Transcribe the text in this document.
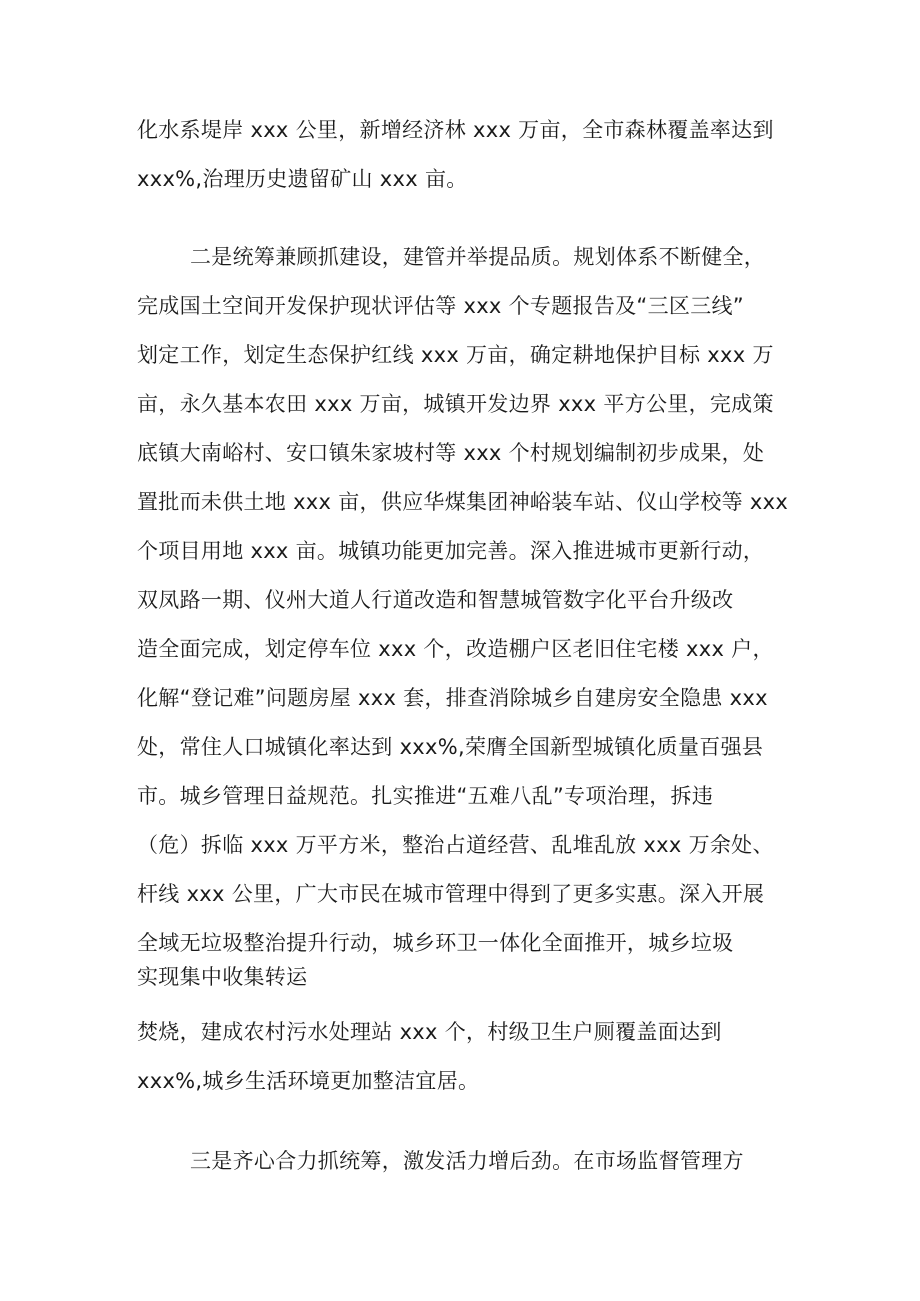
化水系堤岸 xxx 公里，新增经济林 xxx 万亩，全市森林覆盖率达到
xxx%,治理历史遗留矿山 xxx 亩。
二是统筹兼顾抓建设，建管并举提品质。规划体系不断健全，
完成国土空间开发保护现状评估等 xxx 个专题报告及“三区三线”
划定工作，划定生态保护红线 xxx 万亩，确定耕地保护目标 xxx 万
亩，永久基本农田 xxx 万亩，城镇开发边界 xxx 平方公里，完成策
底镇大南峪村、安口镇朱家坡村等 xxx 个村规划编制初步成果，处
置批而未供土地 xxx 亩，供应华煤集团神峪装车站、仪山学校等 xxx
个项目用地 xxx 亩。城镇功能更加完善。深入推进城市更新行动，
双凤路一期、仪州大道人行道改造和智慧城管数字化平台升级改
造全面完成，划定停车位 xxx 个，改造棚户区老旧住宅楼 xxx 户，
化解“登记难”问题房屋 xxx 套，排查消除城乡自建房安全隐患 xxx
处，常住人口城镇化率达到 xxx%,荣膺全国新型城镇化质量百强县
市。城乡管理日益规范。扎实推进“五难八乱”专项治理，拆违
（危）拆临 xxx 万平方米，整治占道经营、乱堆乱放 xxx 万余处、
杆线 xxx 公里，广大市民在城市管理中得到了更多实惠。深入开展
全域无垃圾整治提升行动，城乡环卫一体化全面推开，城乡垃圾
实现集中收集转运
焚烧，建成农村污水处理站 xxx 个，村级卫生户厕覆盖面达到
xxx%,城乡生活环境更加整洁宜居。
三是齐心合力抓统筹，激发活力增后劲。在市场监督管理方
